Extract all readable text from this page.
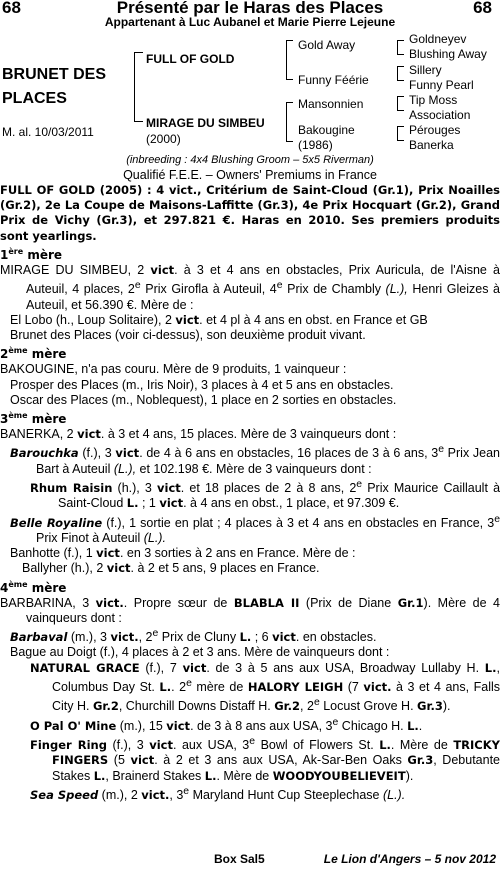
68	Présenté par le Haras des Places	68
Appartenant à Luc Aubanel et Marie Pierre Lejeune
BRUNET DES
PLACES
M. al. 10/03/2011
FULL OF GOLD
MIRAGE DU SIMBEU
(2000)
Gold Away
Funny Féérie
Mansonnien
Bakougine
(1986)
Goldneyev
Blushing Away
Sillery
Funny Pearl
Tip Moss
Association
Pérouges
Banerka
(inbreeding : 4x4 Blushing Groom – 5x5 Riverman)
Qualifié F.E.E. – Owners' Premiums in France

FULL OF GOLD (2005) : 4 vict., Critérium de Saint-Cloud (Gr.1), Prix Noailles (Gr.2), 2e La Coupe de Maisons-Laffitte (Gr.3), 4e Prix Hocquart (Gr.2), Grand Prix de Vichy (Gr.3), et 297.821 €. Haras en 2010. Ses premiers produits sont yearlings.

1ère mère

MIRAGE DU SIMBEU, 2 vict. à 3 et 4 ans en obstacles, Prix Auricula, de l'Aisne à Auteuil, 4 places, 2e Prix Girofla à Auteuil, 4e Prix de Chambly (L.), Henri Gleizes à Auteuil, et 56.390 €. Mère de :

El Lobo (h., Loup Solitaire), 2 vict. et 4 pl à 4 ans en obst. en France et GB

Brunet des Places (voir ci-dessus), son deuxième produit vivant.

2ème mère

BAKOUGINE, n'a pas couru. Mère de 9 produits, 1 vainqueur :

Prosper des Places (m., Iris Noir), 3 places à 4 et 5 ans en obstacles.

Oscar des Places (m., Noblequest), 1 place en 2 sorties en obstacles.

3ème mère

BANERKA, 2 vict. à 3 et 4 ans, 15 places. Mère de 3 vainqueurs dont :

Barouchka (f.), 3 vict. de 4 à 6 ans en obstacles, 16 places de 3 à 6 ans, 3e Prix Jean Bart à Auteuil (L.), et 102.198 €. Mère de 3 vainqueurs dont :

Rhum Raisin (h.), 3 vict. et 18 places de 2 à 8 ans, 2e Prix Maurice Caillault à Saint-Cloud L. ; 1 vict. à 4 ans en obst., 1 place, et 97.309 €.

Belle Royaline (f.), 1 sortie en plat ; 4 places à 3 et 4 ans en obstacles en France, 3e Prix Finot à Auteuil (L.).

Banhotte (f.), 1 vict. en 3 sorties à 2 ans en France. Mère de :

Ballyher (h.), 2 vict. à 2 et 5 ans, 9 places en France.

4ème mère

BARBARINA, 3 vict.. Propre sœur de BLABLA II (Prix de Diane Gr.1). Mère de 4 vainqueurs dont :

Barbaval (m.), 3 vict., 2e Prix de Cluny L. ; 6 vict. en obstacles.

Bague au Doigt (f.), 4 places à 2 et 3 ans. Mère de vainqueurs dont :

NATURAL GRACE (f.), 7 vict. de 3 à 5 ans aux USA, Broadway Lullaby H. L., Columbus Day St. L.. 2e mère de HALORY LEIGH (7 vict. à 3 et 4 ans, Falls City H. Gr.2, Churchill Downs Distaff H. Gr.2, 2e Locust Grove H. Gr.3).

O Pal O' Mine (m.), 15 vict. de 3 à 8 ans aux USA, 3e Chicago H. L..

Finger Ring (f.), 3 vict. aux USA, 3e Bowl of Flowers St. L.. Mère de TRICKY FINGERS (5 vict. à 2 et 3 ans aux USA, Ak-Sar-Ben Oaks Gr.3, Debutante Stakes L., Brainerd Stakes L.. Mère de WOODYOUBELIEVEIT).

Sea Speed (m.), 2 vict., 3e Maryland Hunt Cup Steeplechase (L.).

Box Sal5	Le Lion d'Angers – 5 nov 2012
